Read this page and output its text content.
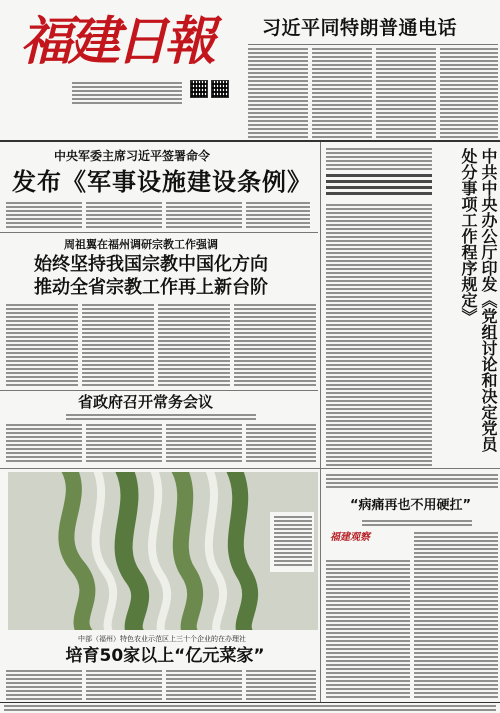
福建日報	习近平同特朗普通电话
中央军委主席习近平签署命令
发布《军事设施建设条例》	中共中央办公厅印发《党组讨论和决定党员处分事项工作程序规定》
周祖翼在福州调研宗教工作强调
始终坚持我国宗教中国化方向
推动全省宗教工作再上新台阶
省政府召开常务会议
中部（福州）特色农业示范区上三十个企业的在办理社
培育50家以上“亿元菜家”
“病痛再也不用硬扛”
福建观察
